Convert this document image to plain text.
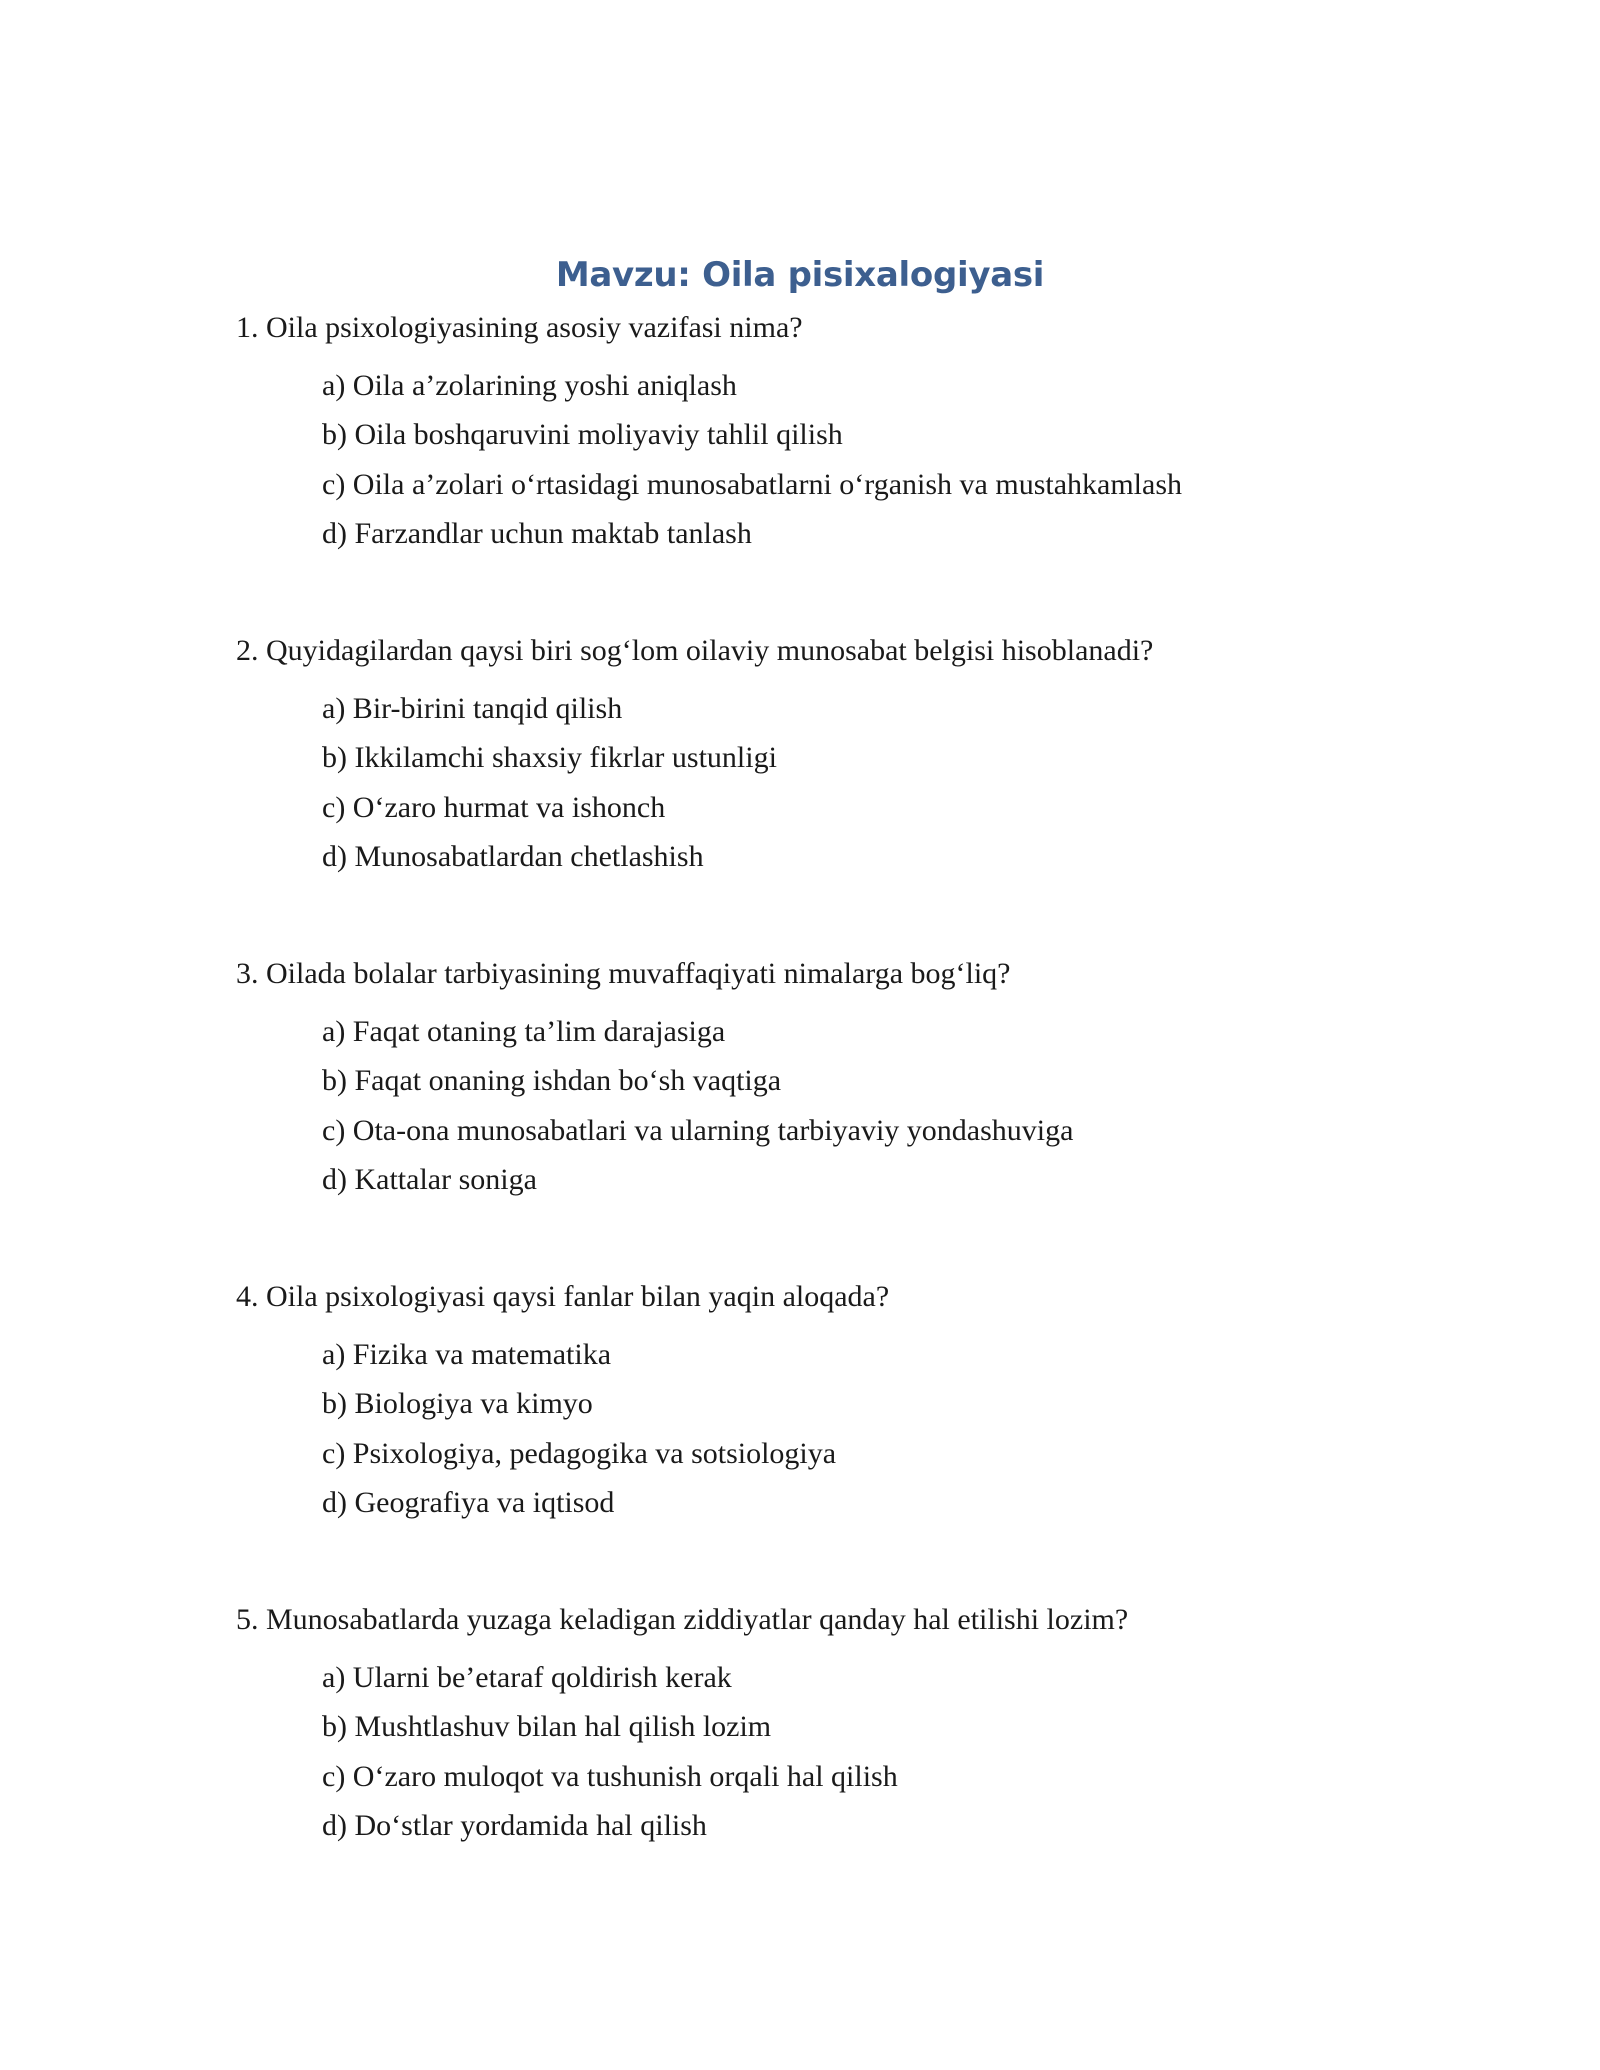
Mavzu: Oila pisixalogiyasi
1. Oila psixologiyasining asosiy vazifasi nima?
a) Oila a’zolarining yoshi aniqlash
b) Oila boshqaruvini moliyaviy tahlil qilish
c) Oila a’zolari o‘rtasidagi munosabatlarni o‘rganish va mustahkamlash
d) Farzandlar uchun maktab tanlash
2. Quyidagilardan qaysi biri sog‘lom oilaviy munosabat belgisi hisoblanadi?
a) Bir-birini tanqid qilish
b) Ikkilamchi shaxsiy fikrlar ustunligi
c) O‘zaro hurmat va ishonch
d) Munosabatlardan chetlashish
3. Oilada bolalar tarbiyasining muvaffaqiyati nimalarga bog‘liq?
a) Faqat otaning ta’lim darajasiga
b) Faqat onaning ishdan bo‘sh vaqtiga
c) Ota-ona munosabatlari va ularning tarbiyaviy yondashuviga
d) Kattalar soniga
4. Oila psixologiyasi qaysi fanlar bilan yaqin aloqada?
a) Fizika va matematika
b) Biologiya va kimyo
c) Psixologiya, pedagogika va sotsiologiya
d) Geografiya va iqtisod
5. Munosabatlarda yuzaga keladigan ziddiyatlar qanday hal etilishi lozim?
a) Ularni be’etaraf qoldirish kerak
b) Mushtlashuv bilan hal qilish lozim
c) O‘zaro muloqot va tushunish orqali hal qilish
d) Do‘stlar yordamida hal qilish
